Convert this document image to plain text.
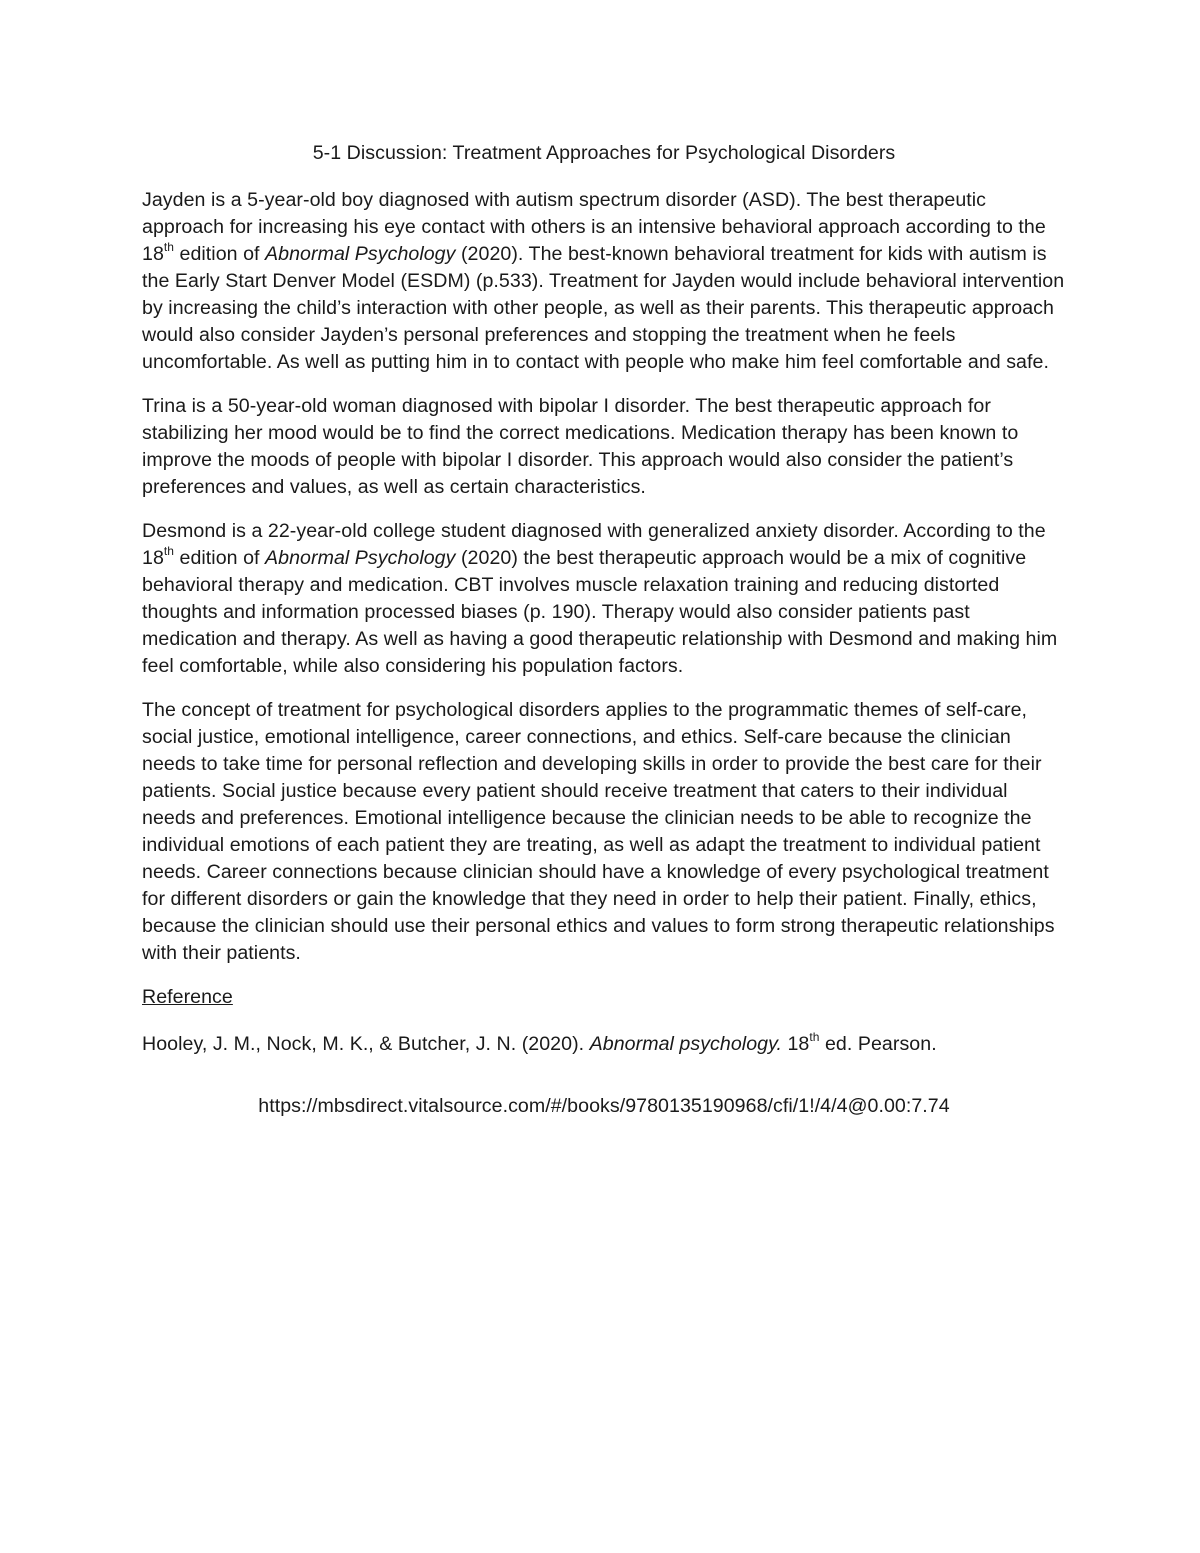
5-1 Discussion: Treatment Approaches for Psychological Disorders

Jayden is a 5-year-old boy diagnosed with autism spectrum disorder (ASD). The best therapeutic approach for increasing his eye contact with others is an intensive behavioral approach according to the 18th edition of Abnormal Psychology (2020). The best-known behavioral treatment for kids with autism is the Early Start Denver Model (ESDM) (p.533). Treatment for Jayden would include behavioral intervention by increasing the child’s interaction with other people, as well as their parents. This therapeutic approach would also consider Jayden’s personal preferences and stopping the treatment when he feels uncomfortable. As well as putting him in to contact with people who make him feel comfortable and safe.

Trina is a 50-year-old woman diagnosed with bipolar I disorder. The best therapeutic approach for stabilizing her mood would be to find the correct medications. Medication therapy has been known to improve the moods of people with bipolar I disorder. This approach would also consider the patient’s preferences and values, as well as certain characteristics.

Desmond is a 22-year-old college student diagnosed with generalized anxiety disorder. According to the 18th edition of Abnormal Psychology (2020) the best therapeutic approach would be a mix of cognitive behavioral therapy and medication. CBT involves muscle relaxation training and reducing distorted thoughts and information processed biases (p. 190). Therapy would also consider patients past medication and therapy. As well as having a good therapeutic relationship with Desmond and making him feel comfortable, while also considering his population factors.

The concept of treatment for psychological disorders applies to the programmatic themes of self-care, social justice, emotional intelligence, career connections, and ethics. Self-care because the clinician needs to take time for personal reflection and developing skills in order to provide the best care for their patients. Social justice because every patient should receive treatment that caters to their individual needs and preferences. Emotional intelligence because the clinician needs to be able to recognize the individual emotions of each patient they are treating, as well as adapt the treatment to individual patient needs. Career connections because clinician should have a knowledge of every psychological treatment for different disorders or gain the knowledge that they need in order to help their patient. Finally, ethics, because the clinician should use their personal ethics and values to form strong therapeutic relationships with their patients.

Reference
Hooley, J. M., Nock, M. K., & Butcher, J. N. (2020). Abnormal psychology. 18th ed. Pearson.
https://mbsdirect.vitalsource.com/#/books/9780135190968/cfi/1!/4/4@0.00:7.74
